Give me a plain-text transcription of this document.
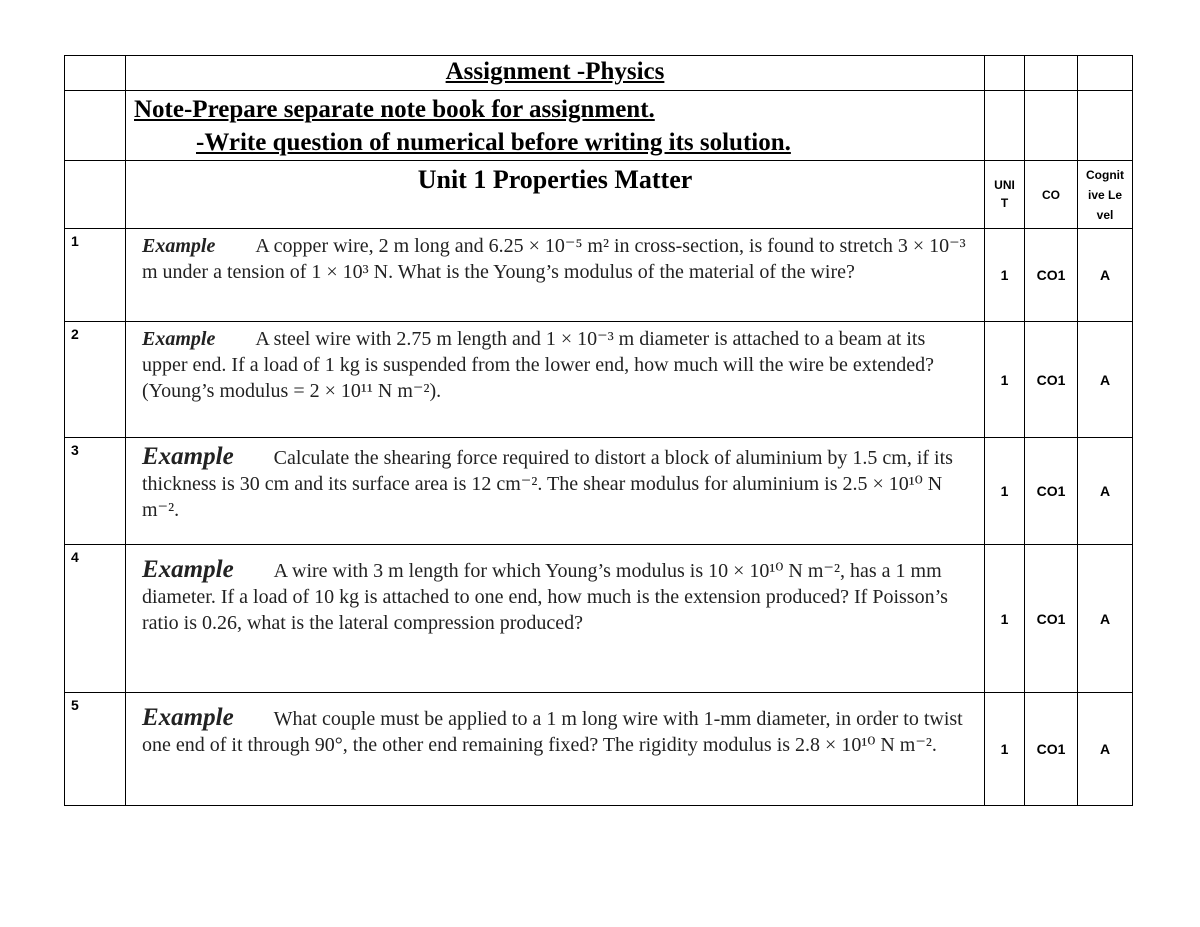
	Assignment -Physics			

	Note-Prepare separate note book for assignment.
-Write question of numerical before writing its solution.			

	Unit 1 Properties Matter	UNIT	CO	Cognitive Level
1	Example A copper wire, 2 m long and 6.25 × 10⁻⁵ m² in cross-section, is found to stretch 3 × 10⁻³ m under a tension of 1 × 10³ N. What is the Young’s modulus of the material of the wire?	1	CO1	A
2	Example A steel wire with 2.75 m length and 1 × 10⁻³ m diameter is attached to a beam at its upper end. If a load of 1 kg is suspended from the lower end, how much will the wire be extended? (Young’s modulus = 2 × 10¹¹ N m⁻²).	1	CO1	A
3	Example Calculate the shearing force required to distort a block of aluminium by 1.5 cm, if its thickness is 30 cm and its surface area is 12 cm⁻². The shear modulus for aluminium is 2.5 × 10¹⁰ N m⁻².	1	CO1	A
4	Example A wire with 3 m length for which Young’s modulus is 10 × 10¹⁰ N m⁻², has a 1 mm diameter. If a load of 10 kg is attached to one end, how much is the extension produced? If Poisson’s ratio is 0.26, what is the lateral compression produced?	1	CO1	A
5	Example What couple must be applied to a 1 m long wire with 1-mm diameter, in order to twist one end of it through 90°, the other end remaining fixed? The rigidity modulus is 2.8 × 10¹⁰ N m⁻².	1	CO1	A
